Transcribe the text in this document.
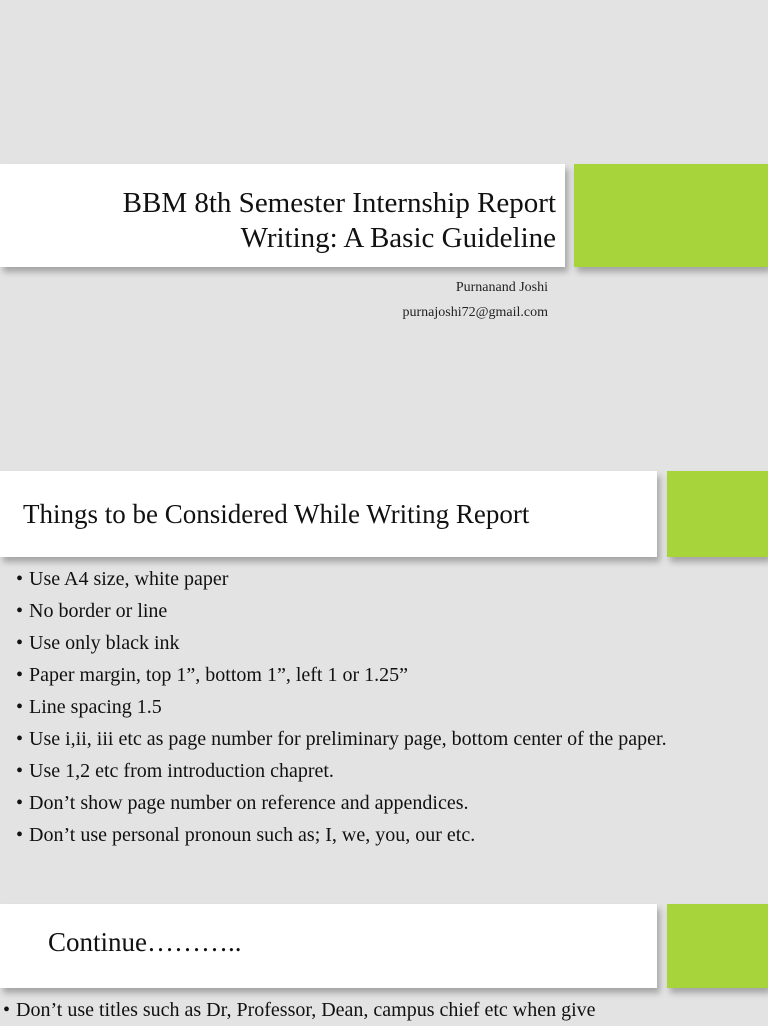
BBM 8th Semester Internship Report
Writing: A Basic Guideline
Purnanand Joshi
purnajoshi72@gmail.com
Things to be Considered While Writing Report
• Use A4 size, white paper
• No border or line
• Use only black ink
• Paper margin, top 1”, bottom 1”, left 1 or 1.25”
• Line spacing 1.5
• Use i,ii, iii etc as page number for preliminary page, bottom center of the paper.
• Use 1,2 etc from introduction chapret.
• Don’t show page number on reference and appendices.
• Don’t use personal pronoun such as; I, we, you, our etc.
Continue………..
• Don’t use titles such as Dr, Professor, Dean, campus chief etc when give
